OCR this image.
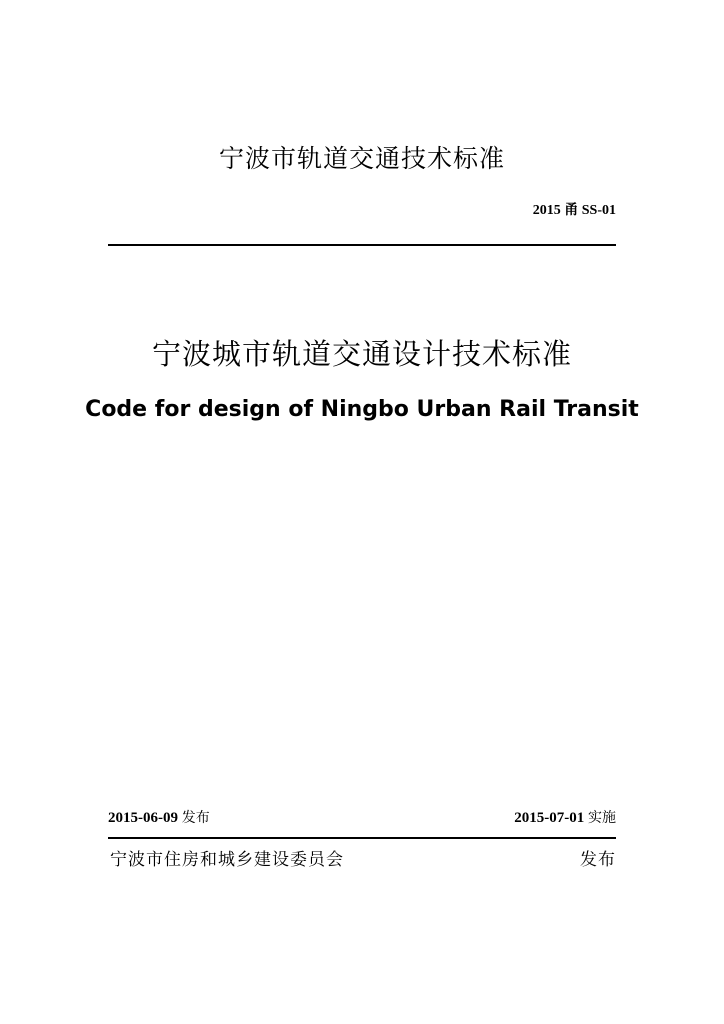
宁波市轨道交通技术标准
2015 甬 SS-01
宁波城市轨道交通设计技术标准
Code for design of Ningbo Urban Rail Transit
2015-06-09 发布	2015-07-01 实施
宁波市住房和城乡建设委员会	发布
